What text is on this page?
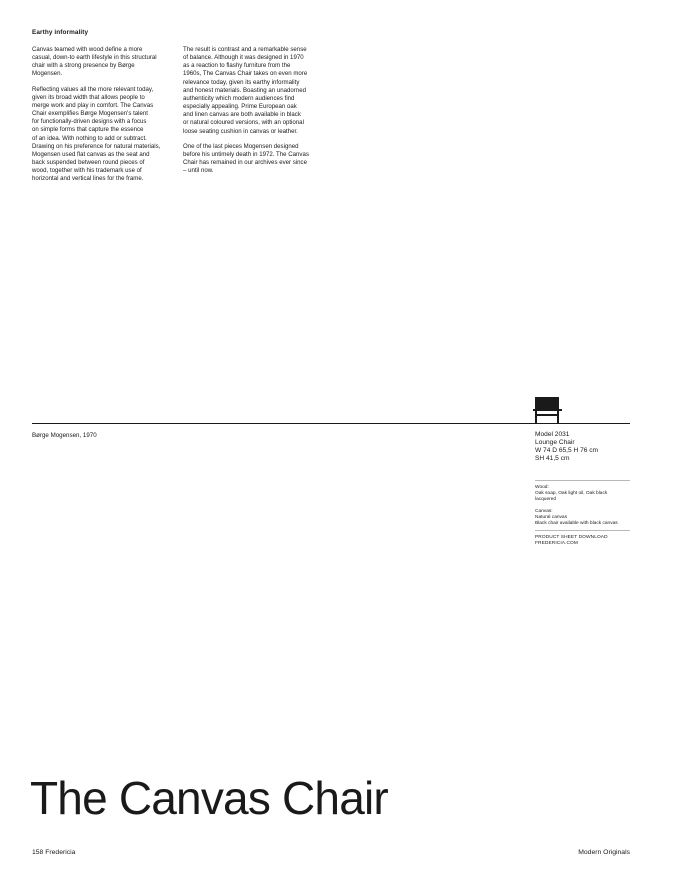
Earthy informality

Canvas teamed with wood define a more
casual, down-to earth lifestyle in this structural
chair with a strong presence by Børge
Mogensen.

Reflecting values all the more relevant today,
given its broad width that allows people to
merge work and play in comfort. The Canvas
Chair exemplifies Børge Mogensen's talent
for functionally-driven designs with a focus
on simple forms that capture the essence
of an idea. With nothing to add or subtract.
Drawing on his preference for natural materials,
Mogensen used flat canvas as the seat and
back suspended between round pieces of
wood, together with his trademark use of
horizontal and vertical lines for the frame.

The result is contrast and a remarkable sense
of balance. Although it was designed in 1970
as a reaction to flashy furniture from the
1960s, The Canvas Chair takes on even more
relevance today, given its earthy informality
and honest materials. Boasting an unadorned
authenticity which modern audiences find
especially appealing. Prime European oak
and linen canvas are both available in black
or natural coloured versions, with an optional
loose seating cushion in canvas or leather.

One of the last pieces Mogensen designed
before his untimely death in 1972. The Canvas
Chair has remained in our archives ever since
– until now.

Børge Mogensen, 1970	Model 2031
Lounge Chair
W 74 D 65,5 H 76 cm
SH 41,5 cm
Wood:
Oak soap, Oak light oil, Oak black
lacquered
Canvas:
Natural canvas
Black chair available with black canvas
PRODUCT SHEET DOWNLOAD
FREDERICIA.COM
The Canvas Chair
158 Fredericia	Modern Originals
